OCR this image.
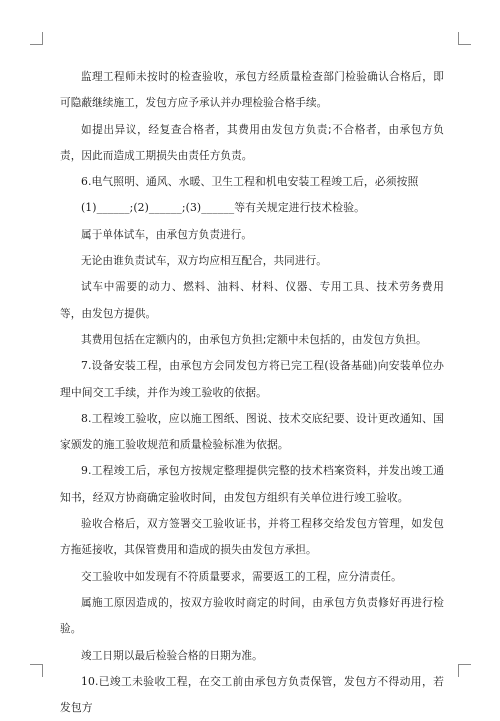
监理工程师未按时的检查验收，承包方经质量检查部门检验确认合格后，即可隐蔽继续施工，发包方应予承认并办理检验合格手续。

如提出异议，经复查合格者，其费用由发包方负责;不合格者，由承包方负责，因此而造成工期损失由责任方负责。

6.电气照明、通风、水暖、卫生工程和机电安装工程竣工后，必须按照

(1)______;(2)______;(3)______等有关规定进行技术检验。

属于单体试车，由承包方负责进行。

无论由谁负责试车，双方均应相互配合，共同进行。

试车中需要的动力、燃料、油料、材料、仪器、专用工具、技术劳务费用等，由发包方提供。

其费用包括在定额内的，由承包方负担;定额中未包括的，由发包方负担。

7.设备安装工程，由承包方会同发包方将已完工程(设备基础)向安装单位办理中间交工手续，并作为竣工验收的依据。

8.工程竣工验收，应以施工图纸、图说、技术交底纪要、设计更改通知、国家颁发的施工验收规范和质量检验标准为依据。

9.工程竣工后，承包方按规定整理提供完整的技术档案资料，并发出竣工通知书，经双方协商确定验收时间，由发包方组织有关单位进行竣工验收。

验收合格后，双方签署交工验收证书，并将工程移交给发包方管理，如发包方拖延接收，其保管费用和造成的损失由发包方承担。

交工验收中如发现有不符质量要求，需要返工的工程，应分清责任。

属施工原因造成的，按双方验收时商定的时间，由承包方负责修好再进行检验。

竣工日期以最后检验合格的日期为准。

10.已竣工未验收工程，在交工前由承包方负责保管，发包方不得动用，若发包方
